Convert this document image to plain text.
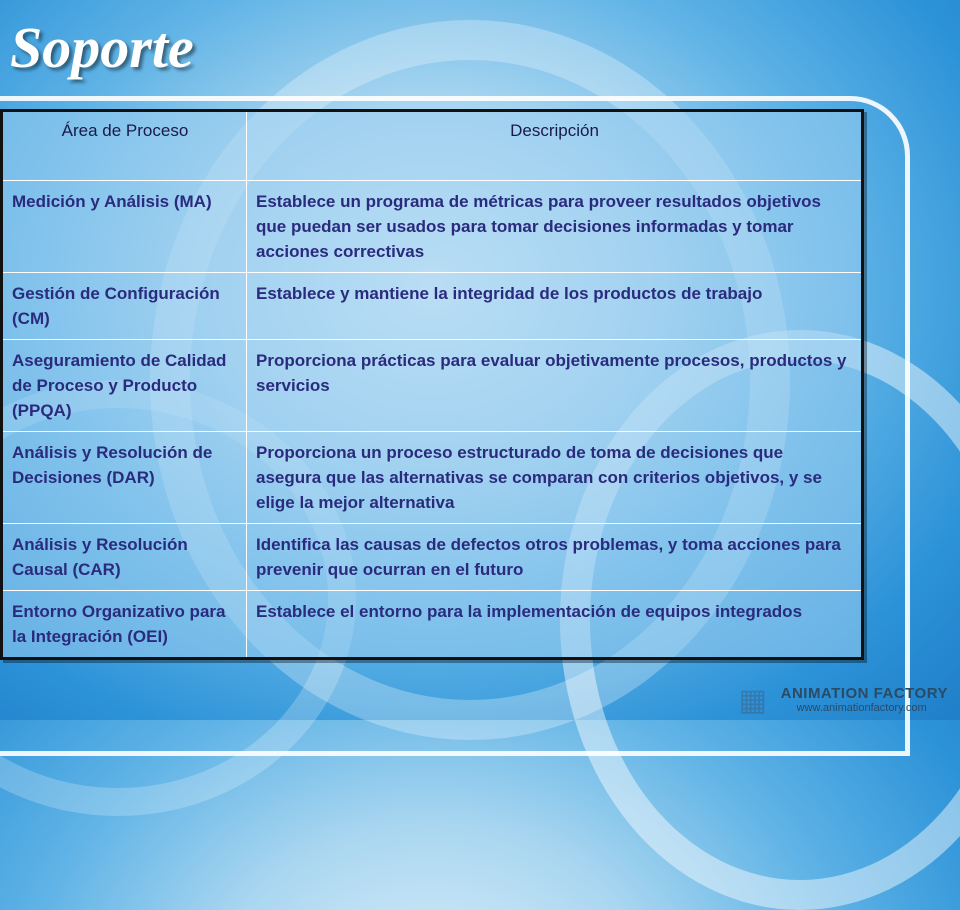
Soporte
Área de Proceso	Descripción
Medición y Análisis (MA)	Establece un programa de métricas para proveer resultados objetivos que puedan ser usados para tomar decisiones informadas y tomar acciones correctivas
Gestión de Configuración (CM)	Establece y mantiene la integridad de los productos de trabajo
Aseguramiento de Calidad de Proceso y Producto (PPQA)	Proporciona prácticas para evaluar objetivamente procesos, productos y servicios
Análisis y Resolución de Decisiones (DAR)	Proporciona un proceso estructurado de toma de decisiones que asegura que las alternativas se comparan con criterios objetivos, y se elige la mejor alternativa
Análisis y Resolución Causal (CAR)	Identifica las causas de defectos otros problemas, y toma acciones para prevenir que ocurran en el futuro
Entorno Organizativo para la Integración (OEI)	Establece el entorno para la implementación de equipos integrados
▦ ANIMATION FACTORY
www.animationfactory.com
